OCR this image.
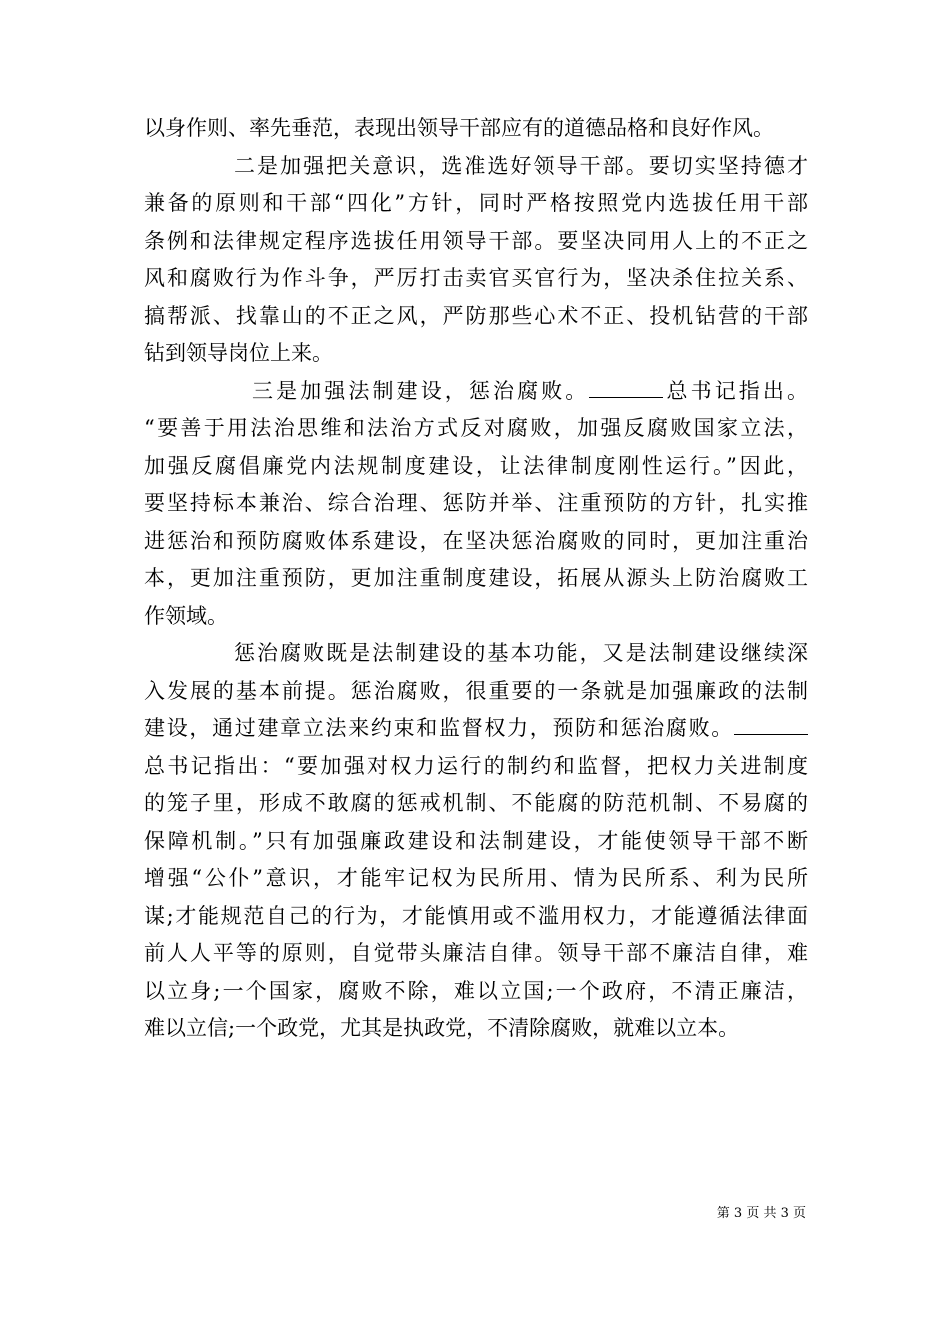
以身作则、率先垂范，表现出领导干部应有的道德品格和良好作风。
二是加强把关意识，选准选好领导干部。要切实坚持德才
兼备的原则和干部“四化”方针，同时严格按照党内选拔任用干部
条例和法律规定程序选拔任用领导干部。要坚决同用人上的不正之
风和腐败行为作斗争，严厉打击卖官买官行为，坚决杀住拉关系、
搞帮派、找靠山的不正之风，严防那些心术不正、投机钻营的干部
钻到领导岗位上来。
三是加强法制建设，惩治腐败。	总书记指出。
“要善于用法治思维和法治方式反对腐败，加强反腐败国家立法，
加强反腐倡廉党内法规制度建设，让法律制度刚性运行。”因此，
要坚持标本兼治、综合治理、惩防并举、注重预防的方针，扎实推
进惩治和预防腐败体系建设，在坚决惩治腐败的同时，更加注重治
本，更加注重预防，更加注重制度建设，拓展从源头上防治腐败工
作领域。
惩治腐败既是法制建设的基本功能，又是法制建设继续深
入发展的基本前提。惩治腐败，很重要的一条就是加强廉政的法制
建设，通过建章立法来约束和监督权力，预防和惩治腐败。
总书记指出：“要加强对权力运行的制约和监督，把权力关进制度
的笼子里，形成不敢腐的惩戒机制、不能腐的防范机制、不易腐的
保障机制。”只有加强廉政建设和法制建设，才能使领导干部不断
增强“公仆”意识，才能牢记权为民所用、情为民所系、利为民所
谋;才能规范自己的行为，才能慎用或不滥用权力，才能遵循法律面
前人人平等的原则，自觉带头廉洁自律。领导干部不廉洁自律，难
以立身;一个国家，腐败不除，难以立国;一个政府，不清正廉洁，
难以立信;一个政党，尤其是执政党，不清除腐败，就难以立本。
第 3 页 共 3 页
